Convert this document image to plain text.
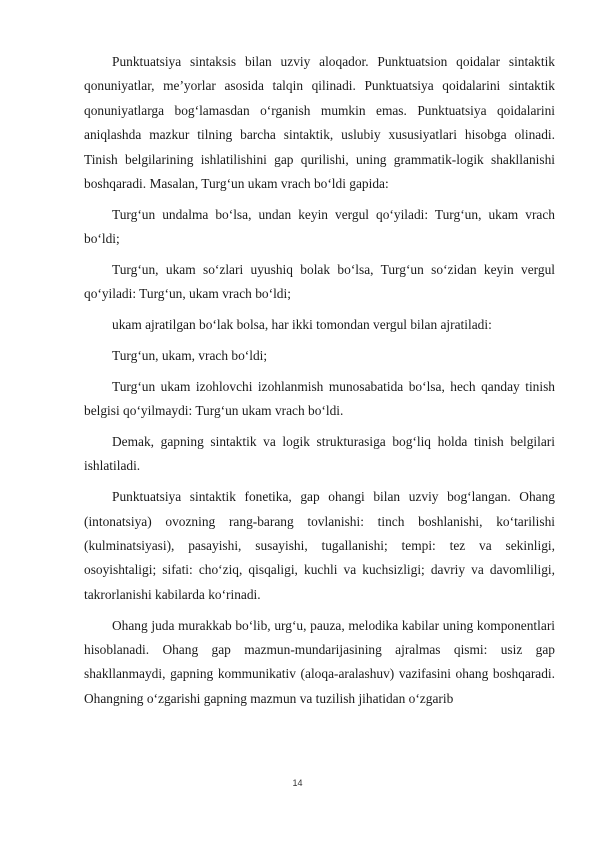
Punktuatsiya sintaksis bilan uzviy aloqador. Punktuatsion qoidalar sintaktik qonuniyatlar, me’yorlar asosida talqin qilinadi. Punktuatsiya qoidalarini sintaktik qonuniyatlarga bog‘lamasdan o‘rganish mumkin emas. Punktuatsiya qoidalarini aniqlashda mazkur tilning barcha sintaktik, uslubiy xususiyatlari hisobga olinadi. Tinish belgilarining ishlatilishini gap qurilishi, uning grammatik-logik shakllanishi boshqaradi. Masalan, Turg‘un ukam vrach bo‘ldi gapida:

Turg‘un undalma bo‘lsa, undan keyin vergul qo‘yiladi: Turg‘un, ukam vrach bo‘ldi;

Turg‘un, ukam so‘zlari uyushiq bolak bo‘lsa, Turg‘un so‘zidan keyin vergul qo‘yiladi: Turg‘un, ukam vrach bo‘ldi;

ukam ajratilgan bo‘lak bolsa, har ikki tomondan vergul bilan ajratiladi:

Turg‘un, ukam, vrach bo‘ldi;

Turg‘un ukam izohlovchi izohlanmish munosabatida bo‘lsa, hech qanday tinish belgisi qo‘yilmaydi: Turg‘un ukam vrach bo‘ldi.

Demak, gapning sintaktik va logik strukturasiga bog‘liq holda tinish belgilari ishlatiladi.

Punktuatsiya sintaktik fonetika, gap ohangi bilan uzviy bog‘langan. Ohang (intonatsiya) ovozning rang-barang tovlanishi: tinch boshlanishi, ko‘tarilishi (kulminatsiyasi), pasayishi, susayishi, tugallanishi; tempi: tez va sekinligi, osoyishtaligi; sifati: cho‘ziq, qisqaligi, kuchli va kuchsizligi; davriy va davomliligi, takrorlanishi kabilarda ko‘rinadi.

Ohang juda murakkab bo‘lib, urg‘u, pauza, melodika kabilar uning komponentlari hisoblanadi. Ohang gap mazmun-mundarijasining ajralmas qismi: usiz gap shakllanmaydi, gapning kommunikativ (aloqa-aralashuv) vazifasini ohang boshqaradi. Ohangning o‘zgarishi gapning mazmun va tuzilish jihatidan o‘zgarib

14
